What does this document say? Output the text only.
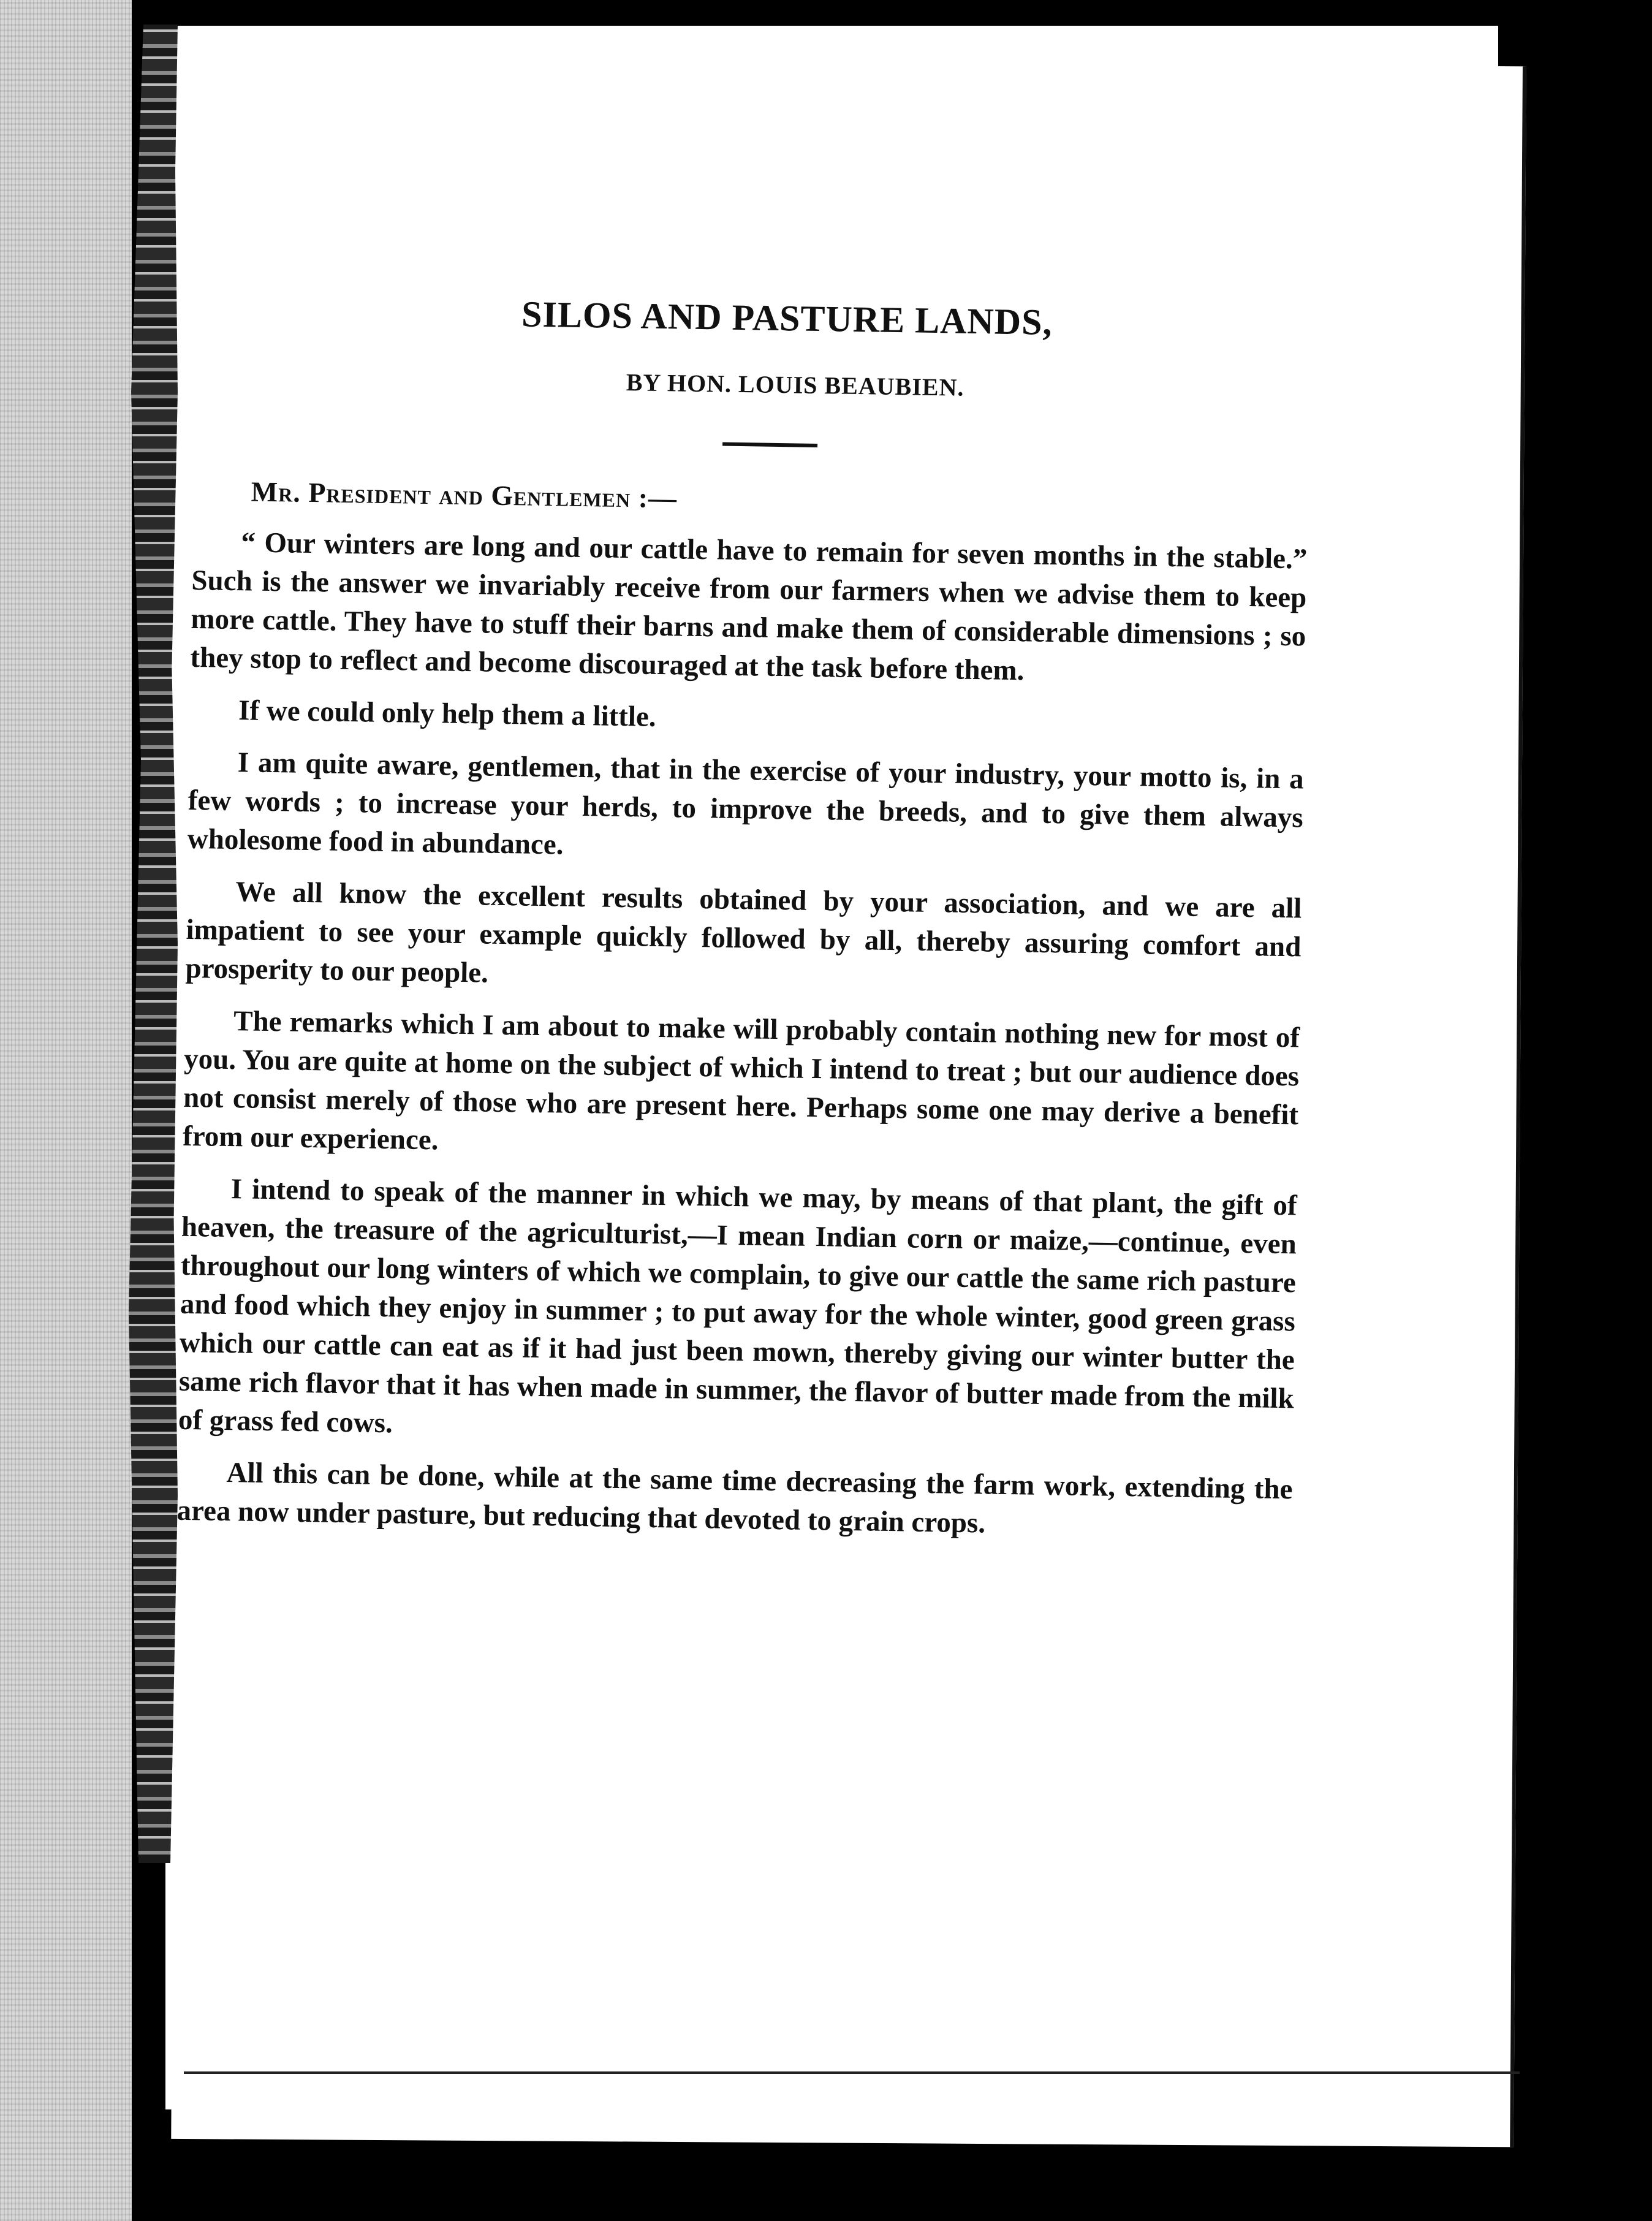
SILOS AND PASTURE LANDS,
BY HON. LOUIS BEAUBIEN.
Mr. President and Gentlemen :—

“ Our winters are long and our cattle have to remain for seven months in the stable.” Such is the answer we invariably receive from our farmers when we advise them to keep more cattle. They have to stuff their barns and make them of considerable dimensions ; so they stop to reflect and become discouraged at the task before them.

If we could only help them a little.

I am quite aware, gentlemen, that in the exercise of your industry, your motto is, in a few words ; to increase your herds, to improve the breeds, and to give them always wholesome food in abundance.

We all know the excellent results obtained by your association, and we are all impatient to see your example quickly followed by all, thereby assuring comfort and prosperity to our people.

The remarks which I am about to make will probably contain nothing new for most of you. You are quite at home on the subject of which I intend to treat ; but our audience does not consist merely of those who are present here. Perhaps some one may derive a benefit from our experience.

I intend to speak of the manner in which we may, by means of that plant, the gift of heaven, the treasure of the agriculturist,—I mean Indian corn or maize,—continue, even throughout our long winters of which we complain, to give our cattle the same rich pasture and food which they enjoy in summer ; to put away for the whole winter, good green grass which our cattle can eat as if it had just been mown, thereby giving our winter butter the same rich flavor that it has when made in summer, the flavor of butter made from the milk of grass fed cows.

All this can be done, while at the same time decreasing the farm work, extending the area now under pasture, but reducing that devoted to grain crops.
